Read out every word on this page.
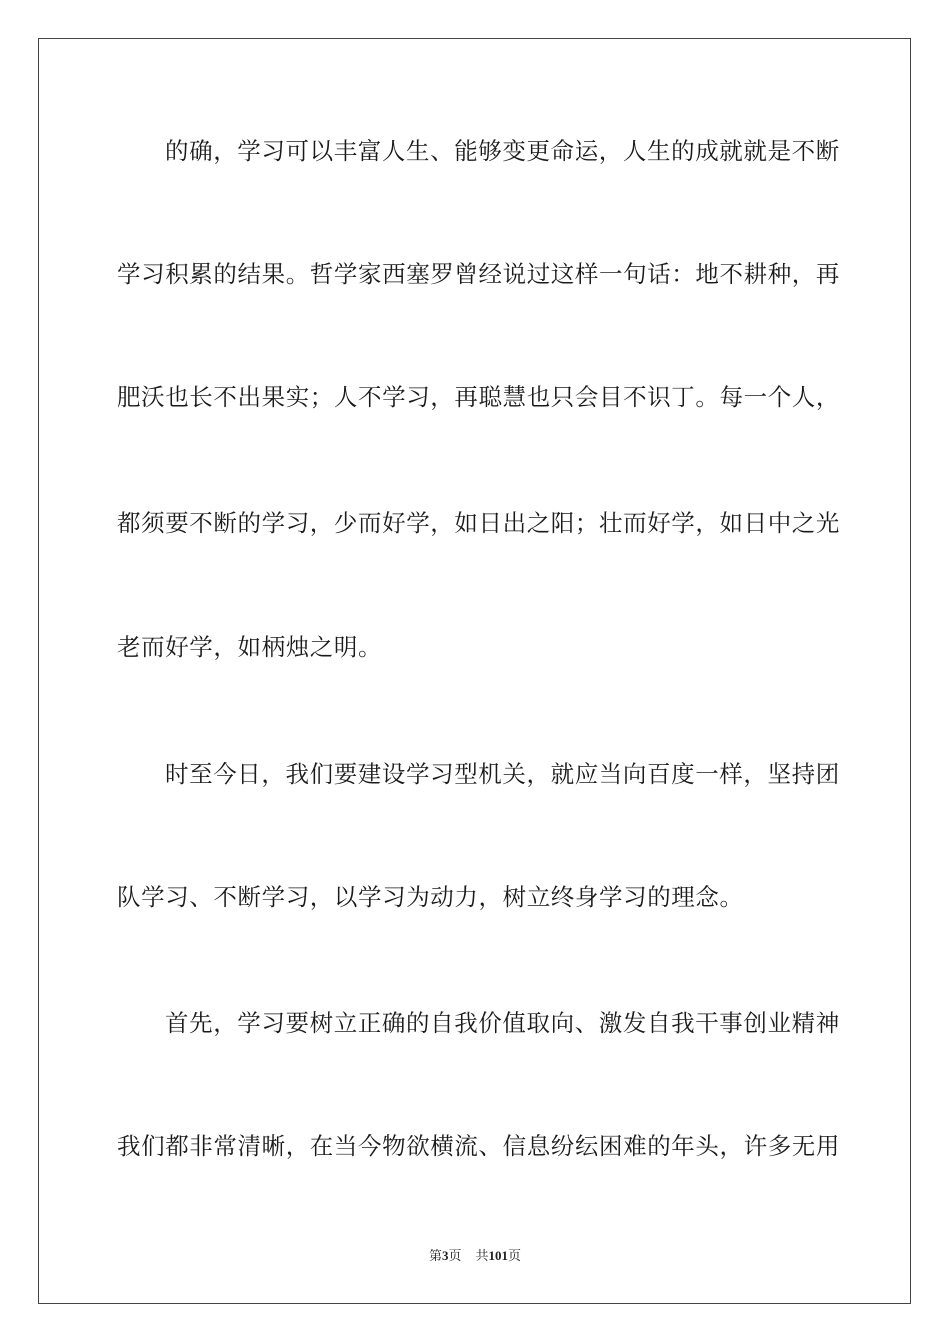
的确，学习可以丰富人生、能够变更命运，人生的成就就是不断
学习积累的结果。哲学家西塞罗曾经说过这样一句话：地不耕种，再
肥沃也长不出果实；人不学习，再聪慧也只会目不识丁。每一个人，
都须要不断的学习，少而好学，如日出之阳；壮而好学，如日中之光
老而好学，如柄烛之明。
时至今日，我们要建设学习型机关，就应当向百度一样，坚持团
队学习、不断学习，以学习为动力，树立终身学习的理念。
首先，学习要树立正确的自我价值取向、激发自我干事创业精神
我们都非常清晰，在当今物欲横流、信息纷纭困难的年头，许多无用
第3页 共101页
